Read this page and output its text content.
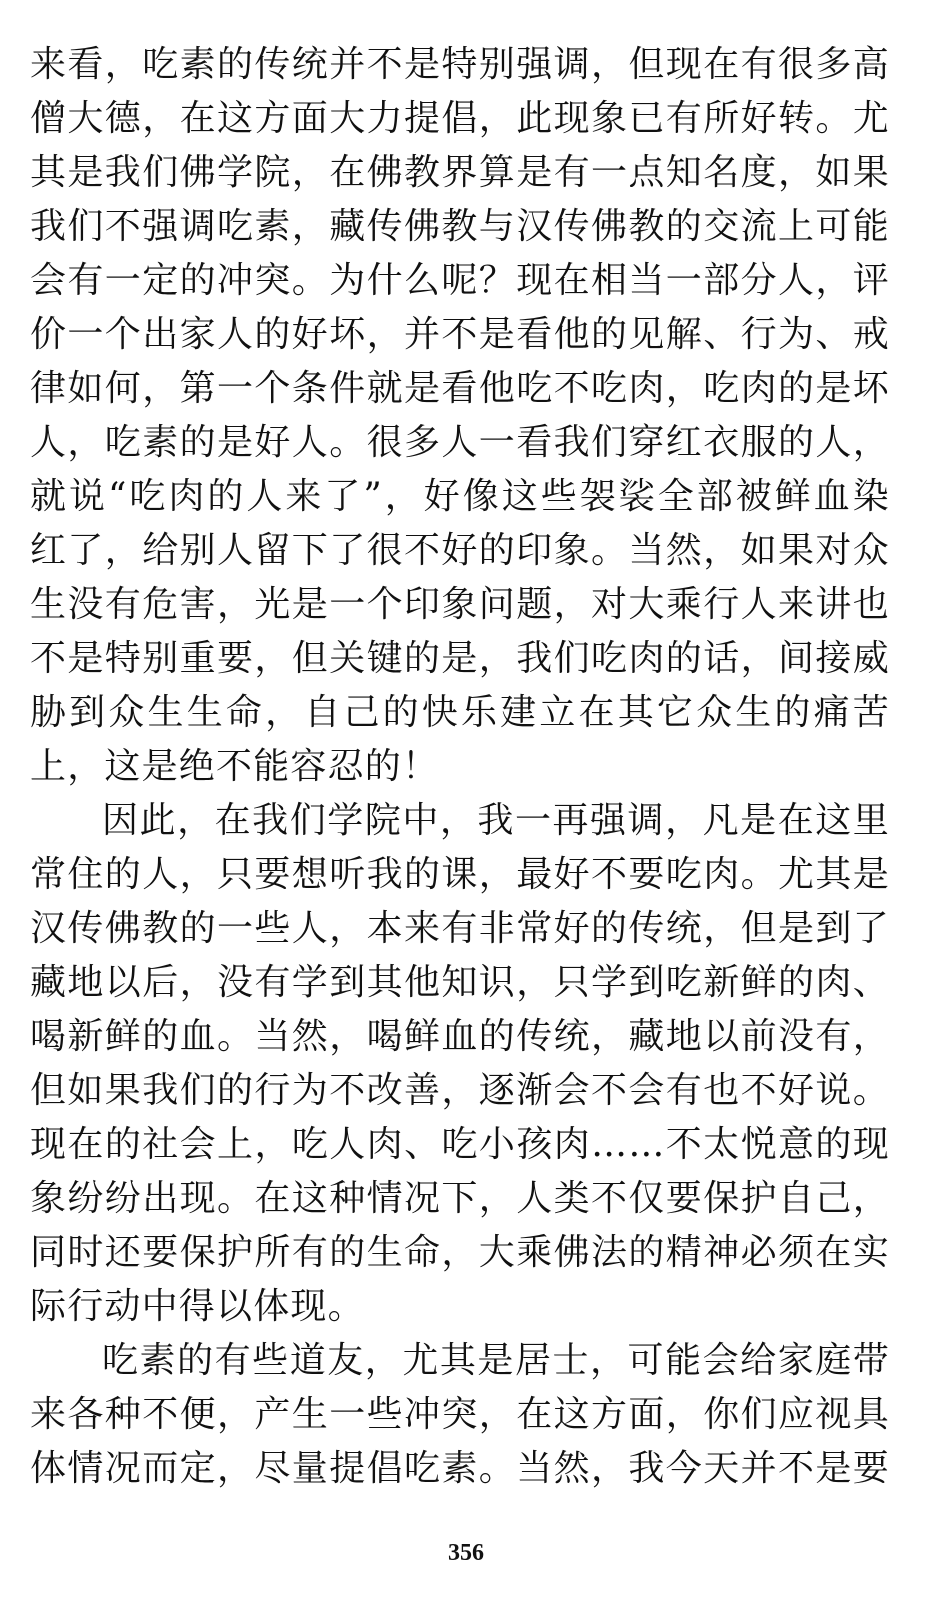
来看，吃素的传统并不是特别强调，但现在有很多高
僧大德，在这方面大力提倡，此现象已有所好转。尤
其是我们佛学院，在佛教界算是有一点知名度，如果
我们不强调吃素，藏传佛教与汉传佛教的交流上可能
会有一定的冲突。为什么呢？现在相当一部分人，评
价一个出家人的好坏，并不是看他的见解、行为、戒
律如何，第一个条件就是看他吃不吃肉，吃肉的是坏
人，吃素的是好人。很多人一看我们穿红衣服的人，
就说“吃肉的人来了”，好像这些袈裟全部被鲜血染
红了，给别人留下了很不好的印象。当然，如果对众
生没有危害，光是一个印象问题，对大乘行人来讲也
不是特别重要，但关键的是，我们吃肉的话，间接威
胁到众生生命，自己的快乐建立在其它众生的痛苦
上，这是绝不能容忍的！
因此，在我们学院中，我一再强调，凡是在这里
常住的人，只要想听我的课，最好不要吃肉。尤其是
汉传佛教的一些人，本来有非常好的传统，但是到了
藏地以后，没有学到其他知识，只学到吃新鲜的肉、
喝新鲜的血。当然，喝鲜血的传统，藏地以前没有，
但如果我们的行为不改善，逐渐会不会有也不好说。
现在的社会上，吃人肉、吃小孩肉……不太悦意的现
象纷纷出现。在这种情况下，人类不仅要保护自己，
同时还要保护所有的生命，大乘佛法的精神必须在实
际行动中得以体现。
吃素的有些道友，尤其是居士，可能会给家庭带
来各种不便，产生一些冲突，在这方面，你们应视具
体情况而定，尽量提倡吃素。当然，我今天并不是要
356
